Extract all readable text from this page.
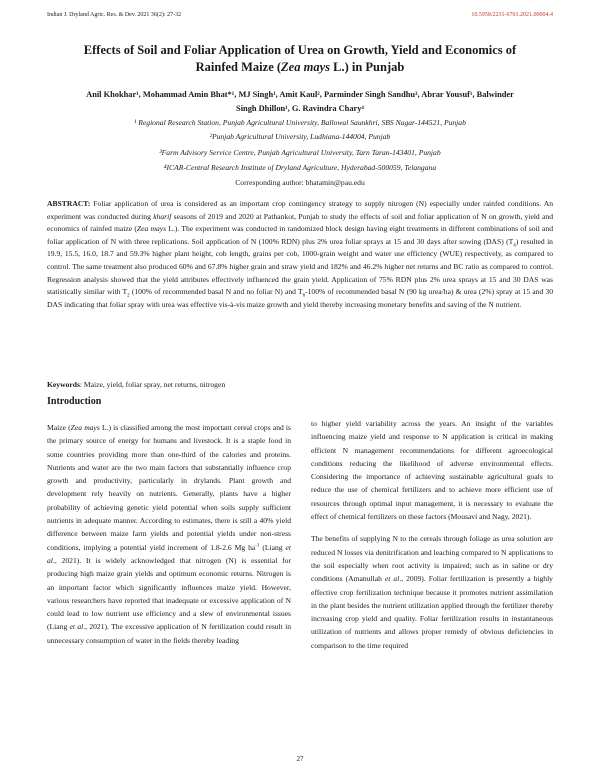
Indian J. Dryland Agric. Res. & Dev. 2021 36(2): 27-32	10.5958/2231-6701.2021.00004.4
Effects of Soil and Foliar Application of Urea on Growth, Yield and Economics of
Rainfed Maize (Zea mays L.) in Punjab
Anil Khokhar¹, Mohammad Amin Bhat*¹, MJ Singh¹, Amit Kaul², Parminder Singh Sandhu³, Abrar Yousuf¹, Balwinder
Singh Dhillon¹, G. Ravindra Chary⁴
¹ Regional Research Station, Punjab Agricultural University, Ballowal Saunkhri, SBS Nagar-144521, Punjab
²Punjab Agricultural University, Ludhiana-144004, Punjab
³Farm Advisory Service Centre, Punjab Agricultural University, Tarn Taran-143401, Punjab
⁴ICAR-Central Research Institute of Dryland Agriculture, Hyderabad-500059, Telangana
Corresponding author: bhatamin@pau.edu
ABSTRACT: Foliar application of urea is considered as an important crop contingency strategy to supply nitrogen (N) especially under rainfed conditions. An experiment was conducted during kharif seasons of 2019 and 2020 at Pathankot, Punjab to study the effects of soil and foliar application of N on growth, yield and economics of rainfed maize (Zea mays L.). The experiment was conducted in randomized block design having eight treatments in different combinations of soil and foliar application of N with three replications. Soil application of N (100% RDN) plus 2% urea foliar sprays at 15 and 30 days after sowing (DAS) $(T_4)$ resulted in 19.9, 15.5, 16.0, 18.7 and 59.3% higher plant height, cob length, grains per cob, 1000-grain weight and water use efficiency (WUE) respectively, as compared to control. The same treatment also produced 60% and 67.8% higher grain and straw yield and 182% and 46.2% higher net returns and BC ratio as compared to control. Regression analysis showed that the yield attributes effectively influenced the grain yield. Application of 75% RDN plus 2% urea sprays at 15 and 30 DAS was statistically similar with $T_2$ (100% of recommended basal N and no foliar N) and $T_6-100\%$ of recommended basal N (90 kg urea/ha) & urea (2%) spray at 15 and 30 DAS indicating that foliar spray with urea was effective vis-à-vis maize growth and yield thereby increasing monetary benefits and saving of the N nutrient.
Keywords: Maize, yield, foliar spray, net returns, nitrogen
Introduction

Maize (Zea mays L.) is classified among the most important cereal crops and is the primary source of energy for humans and livestock. It is a staple food in some countries providing more than one-third of the calories and proteins. Nutrients and water are the two main factors that substantially influence crop growth and productivity, particularly in drylands. Plant growth and development rely heavily on nutrients. Generally, plants have a higher probability of achieving genetic yield potential when soils supply sufficient nutrients in adequate manner. According to estimates, there is still a 40% yield difference between maize farm yields and potential yields under non-stress conditions, implying a potential yield increment of 1.8-2.6 Mg $ha^{-1}$ (Liang et al., 2021). It is widely acknowledged that nitrogen (N) is essential for producing high maize grain yields and optimum economic returns. Nitrogen is an important factor which significantly influences maize yield. However, various researchers have reported that inadequate or excessive application of N could lead to low nutrient use efficiency and a slew of environmental issues (Liang et al., 2021). The excessive application of N fertilization could result in unnecessary consumption of water in the fields thereby leading

to higher yield variability across the years. An insight of the variables influencing maize yield and response to N application is critical in making efficient N management recommendations for different agroecological conditions reducing the likelihood of adverse environmental effects. Considering the importance of achieving sustainable agricultural goals to reduce the use of chemical fertilizers and to achieve more efficient use of resources through optimal input management, it is necessary to evaluate the effect of chemical fertilizers on these factors (Mousavi and Nagy, 2021).

The benefits of supplying N to the cereals through foliage as urea solution are reduced N losses via denitrification and leaching compared to N applications to the soil especially when root activity is impaired; such as in saline or dry conditions (Amanullah et al., 2009). Foliar fertilization is presently a highly effective crop fertilization technique because it promotes nutrient assimilation in the plant besides the nutrient utilization applied through the fertilizer thereby increasing crop yield and quality. Foliar fertilization results in instantaneous utilization of nutrients and allows proper remedy of obvious deficiencies in comparison to the time required

27
